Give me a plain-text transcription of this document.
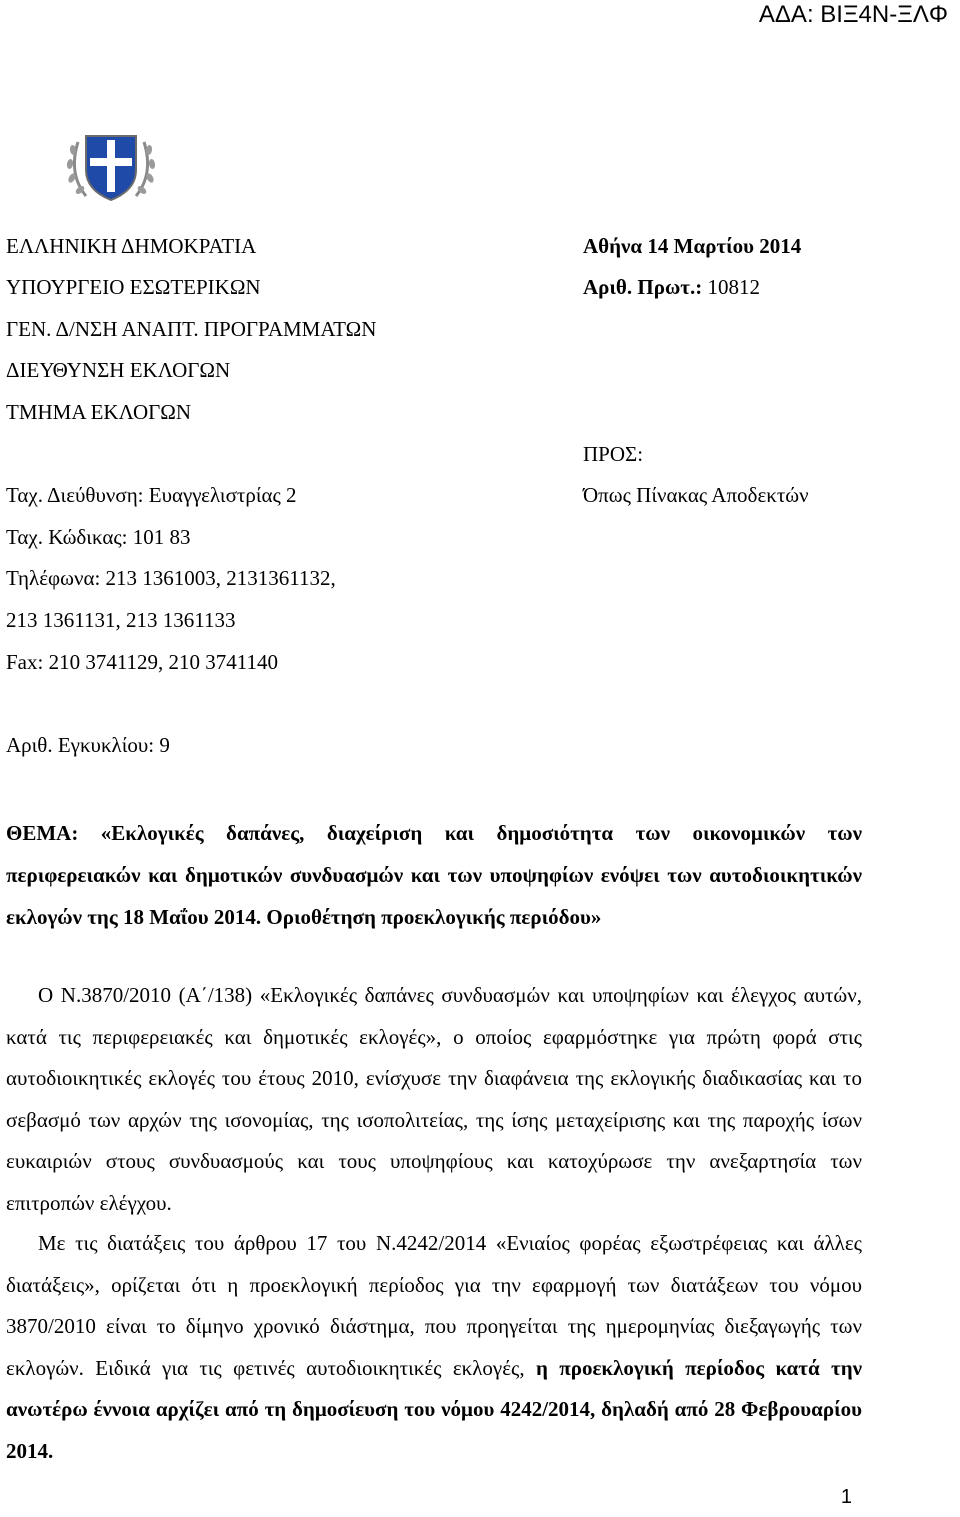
ΑΔΑ: ΒΙΞ4Ν-ΞΛΦ
ΕΛΛΗΝΙΚΗ ΔΗΜΟΚΡΑΤΙΑ
ΥΠΟΥΡΓΕΙΟ ΕΣΩΤΕΡΙΚΩΝ
ΓΕΝ. Δ/ΝΣΗ ΑΝΑΠΤ. ΠΡΟΓΡΑΜΜΑΤΩΝ
ΔΙΕΥΘΥΝΣΗ ΕΚΛΟΓΩΝ
ΤΜΗΜΑ ΕΚΛΟΓΩΝ
Αθήνα 14 Μαρτίου 2014
Αριθ. Πρωτ.: 10812
ΠΡΟΣ:
Όπως Πίνακας Αποδεκτών
Ταχ. Διεύθυνση: Ευαγγελιστρίας 2
Ταχ. Κώδικας: 101 83
Τηλέφωνα: 213 1361003, 2131361132,
213 1361131, 213 1361133
Fax: 210 3741129, 210 3741140
Αριθ. Εγκυκλίου: 9
ΘΕΜΑ: «Εκλογικές δαπάνες, διαχείριση και δημοσιότητα των οικονομικών των περιφερειακών και δημοτικών συνδυασμών και των υποψηφίων ενόψει των αυτοδιοικητικών εκλογών της 18 Μαΐου 2014. Οριοθέτηση προεκλογικής περιόδου»
Ο Ν.3870/2010 (Α΄/138) «Εκλογικές δαπάνες συνδυασμών και υποψηφίων και έλεγχος αυτών, κατά τις περιφερειακές και δημοτικές εκλογές», ο οποίος εφαρμόστηκε για πρώτη φορά στις αυτοδιοικητικές εκλογές του έτους 2010, ενίσχυσε την διαφάνεια της εκλογικής διαδικασίας και το σεβασμό των αρχών της ισονομίας, της ισοπολιτείας, της ίσης μεταχείρισης και της παροχής ίσων ευκαιριών στους συνδυασμούς και τους υποψηφίους και κατοχύρωσε την ανεξαρτησία των επιτροπών ελέγχου.
Με τις διατάξεις του άρθρου 17 του Ν.4242/2014 «Ενιαίος φορέας εξωστρέφειας και άλλες διατάξεις», ορίζεται ότι η προεκλογική περίοδος για την εφαρμογή των διατάξεων του νόμου 3870/2010 είναι το δίμηνο χρονικό διάστημα, που προηγείται της ημερομηνίας διεξαγωγής των εκλογών. Ειδικά για τις φετινές αυτοδιοικητικές εκλογές, η προεκλογική περίοδος κατά την ανωτέρω έννοια αρχίζει από τη δημοσίευση του νόμου 4242/2014, δηλαδή από 28 Φεβρουαρίου 2014.
1
